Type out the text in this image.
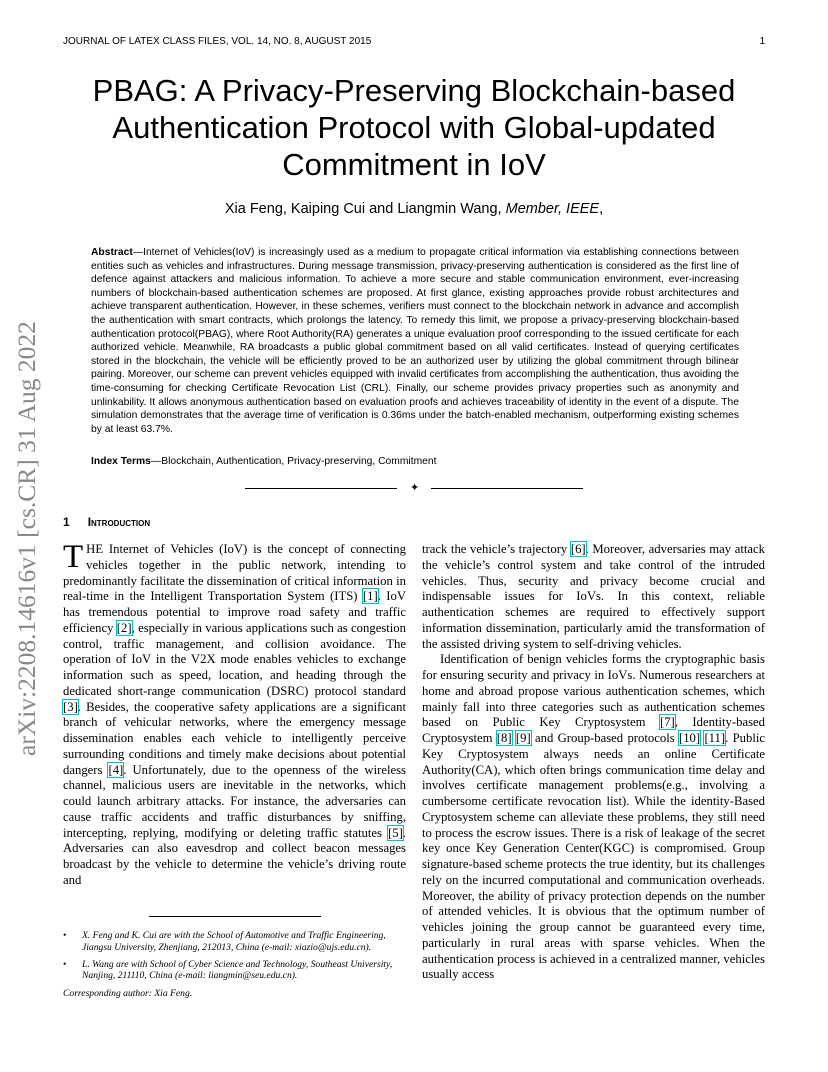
JOURNAL OF LATEX CLASS FILES, VOL. 14, NO. 8, AUGUST 2015	1
PBAG: A Privacy-Preserving Blockchain-based
Authentication Protocol with Global-updated
Commitment in IoV
Xia Feng, Kaiping Cui and Liangmin Wang, Member, IEEE,
Abstract—Internet of Vehicles(IoV) is increasingly used as a medium to propagate critical information via establishing connections between entities such as vehicles and infrastructures. During message transmission, privacy-preserving authentication is considered as the first line of defence against attackers and malicious information. To achieve a more secure and stable communication environment, ever-increasing numbers of blockchain-based authentication schemes are proposed. At first glance, existing approaches provide robust architectures and achieve transparent authentication. However, in these schemes, verifiers must connect to the blockchain network in advance and accomplish the authentication with smart contracts, which prolongs the latency. To remedy this limit, we propose a privacy-preserving blockchain-based authentication protocol(PBAG), where Root Authority(RA) generates a unique evaluation proof corresponding to the issued certificate for each authorized vehicle. Meanwhile, RA broadcasts a public global commitment based on all valid certificates. Instead of querying certificates stored in the blockchain, the vehicle will be efficiently proved to be an authorized user by utilizing the global commitment through bilinear pairing. Moreover, our scheme can prevent vehicles equipped with invalid certificates from accomplishing the authentication, thus avoiding the time-consuming for checking Certificate Revocation List (CRL). Finally, our scheme provides privacy properties such as anonymity and unlinkability. It allows anonymous authentication based on evaluation proofs and achieves traceability of identity in the event of a dispute. The simulation demonstrates that the average time of verification is 0.36ms under the batch-enabled mechanism, outperforming existing schemes by at least 63.7%.
Index Terms—Blockchain, Authentication, Privacy-preserving, Commitment
✦
arXiv:2208.14616v1 [cs.CR] 31 Aug 2022 1 Introduction

THE Internet of Vehicles (IoV) is the concept of connecting vehicles together in the public network, intending to predominantly facilitate the dissemination of critical information in real-time in the Intelligent Transportation System (ITS) [1]. IoV has tremendous potential to improve road safety and traffic efficiency [2], especially in various applications such as congestion control, traffic management, and collision avoidance. The operation of IoV in the V2X mode enables vehicles to exchange information such as speed, location, and heading through the dedicated short-range communication (DSRC) protocol standard [3]. Besides, the cooperative safety applications are a significant branch of vehicular networks, where the emergency message dissemination enables each vehicle to intelligently perceive surrounding conditions and timely make decisions about potential dangers [4]. Unfortunately, due to the openness of the wireless channel, malicious users are inevitable in the networks, which could launch arbitrary attacks. For instance, the adversaries can cause traffic accidents and traffic disturbances by sniffing, intercepting, replying, modifying or deleting traffic statutes [5]. Adversaries can also eavesdrop and collect beacon messages broadcast by the vehicle to determine the vehicle’s driving route and

track the vehicle’s trajectory [6]. Moreover, adversaries may attack the vehicle’s control system and take control of the intruded vehicles. Thus, security and privacy become crucial and indispensable issues for IoVs. In this context, reliable authentication schemes are required to effectively support information dissemination, particularly amid the transformation of the assisted driving system to self-driving vehicles.

Identification of benign vehicles forms the cryptographic basis for ensuring security and privacy in IoVs. Numerous researchers at home and abroad propose various authentication schemes, which mainly fall into three categories such as authentication schemes based on Public Key Cryptosystem [7], Identity-based Cryptosystem [8] [9] and Group-based protocols [10] [11]. Public Key Cryptosystem always needs an online Certificate Authority(CA), which often brings communication time delay and involves certificate management problems(e.g., involving a cumbersome certificate revocation list). While the identity-Based Cryptosystem scheme can alleviate these problems, they still need to process the escrow issues. There is a risk of leakage of the secret key once Key Generation Center(KGC) is compromised. Group signature-based scheme protects the true identity, but its challenges rely on the incurred computational and communication overheads. Moreover, the ability of privacy protection depends on the number of attended vehicles. It is obvious that the optimum number of vehicles joining the group cannot be guaranteed every time, particularly in rural areas with sparse vehicles. When the authentication process is achieved in a centralized manner, vehicles usually access

• X. Feng and K. Cui are with the School of Automotive and Traffic Engineering, Jiangsu University, Zhenjiang, 212013, China (e-mail: xiazio@ujs.edu.cn).
• L. Wang are with School of Cyber Science and Technology, Southeast University, Nanjing, 211110, China (e-mail: liangmin@seu.edu.cn).
Corresponding author: Xia Feng.
